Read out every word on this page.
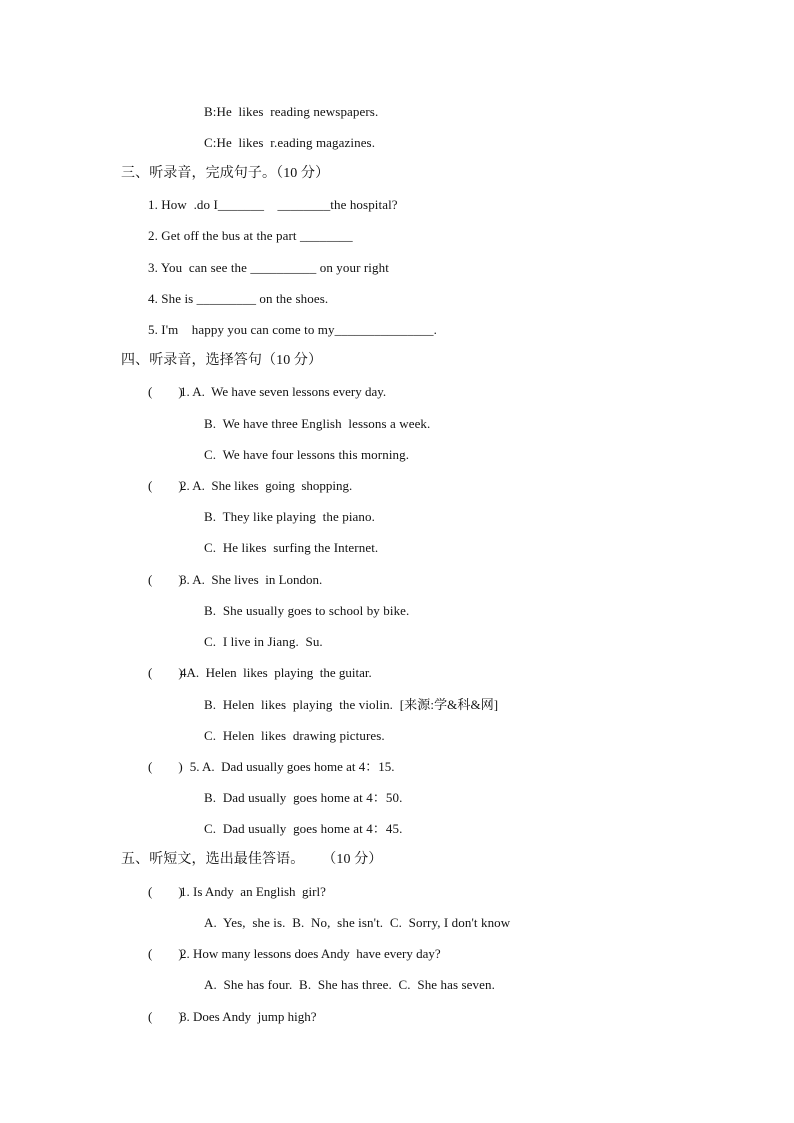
B:He  likes  reading newspapers.
C:He  likes  r.eading magazines.
三、听录音，完成句子。（10 分）
1. How  .do I_______    ________the hospital?
2. Get off the bus at the part ________
3. You  can see the __________ on your right
4. She is _________ on the shoes.
5. I'm    happy you can come to my_______________.
四、听录音，选择答句（10 分）
(        )
1. A.  We have seven lessons every day.
B.  We have three English  lessons a week.
C.  We have four lessons this morning.
(        )
2. A.  She likes  going  shopping.
B.  They like playing  the piano.
C.  He likes  surfing the Internet.
(        )
3. A.  She lives  in London.
B.  She usually goes to school by bike.
C.  I live in Jiang.  Su.
(        )
4A.  Helen  likes  playing  the guitar.
B.  Helen  likes  playing  the violin.  [来源:学&科&网]
C.  Helen  likes  drawing pictures.
(        )
5. A.  Dad usually goes home at 4：15.
B.  Dad usually  goes home at 4：50.
C.  Dad usually  goes home at 4：45.
五、听短文，选出最佳答语。     （10 分）
(        )
1. Is Andy  an English  girl?
A.  Yes,  she is.  B.  No,  she isn't.  C.  Sorry, I don't know
(        )
2. How many lessons does Andy  have every day?
A.  She has four.  B.  She has three.  C.  She has seven.
(        )
3. Does Andy  jump high?
